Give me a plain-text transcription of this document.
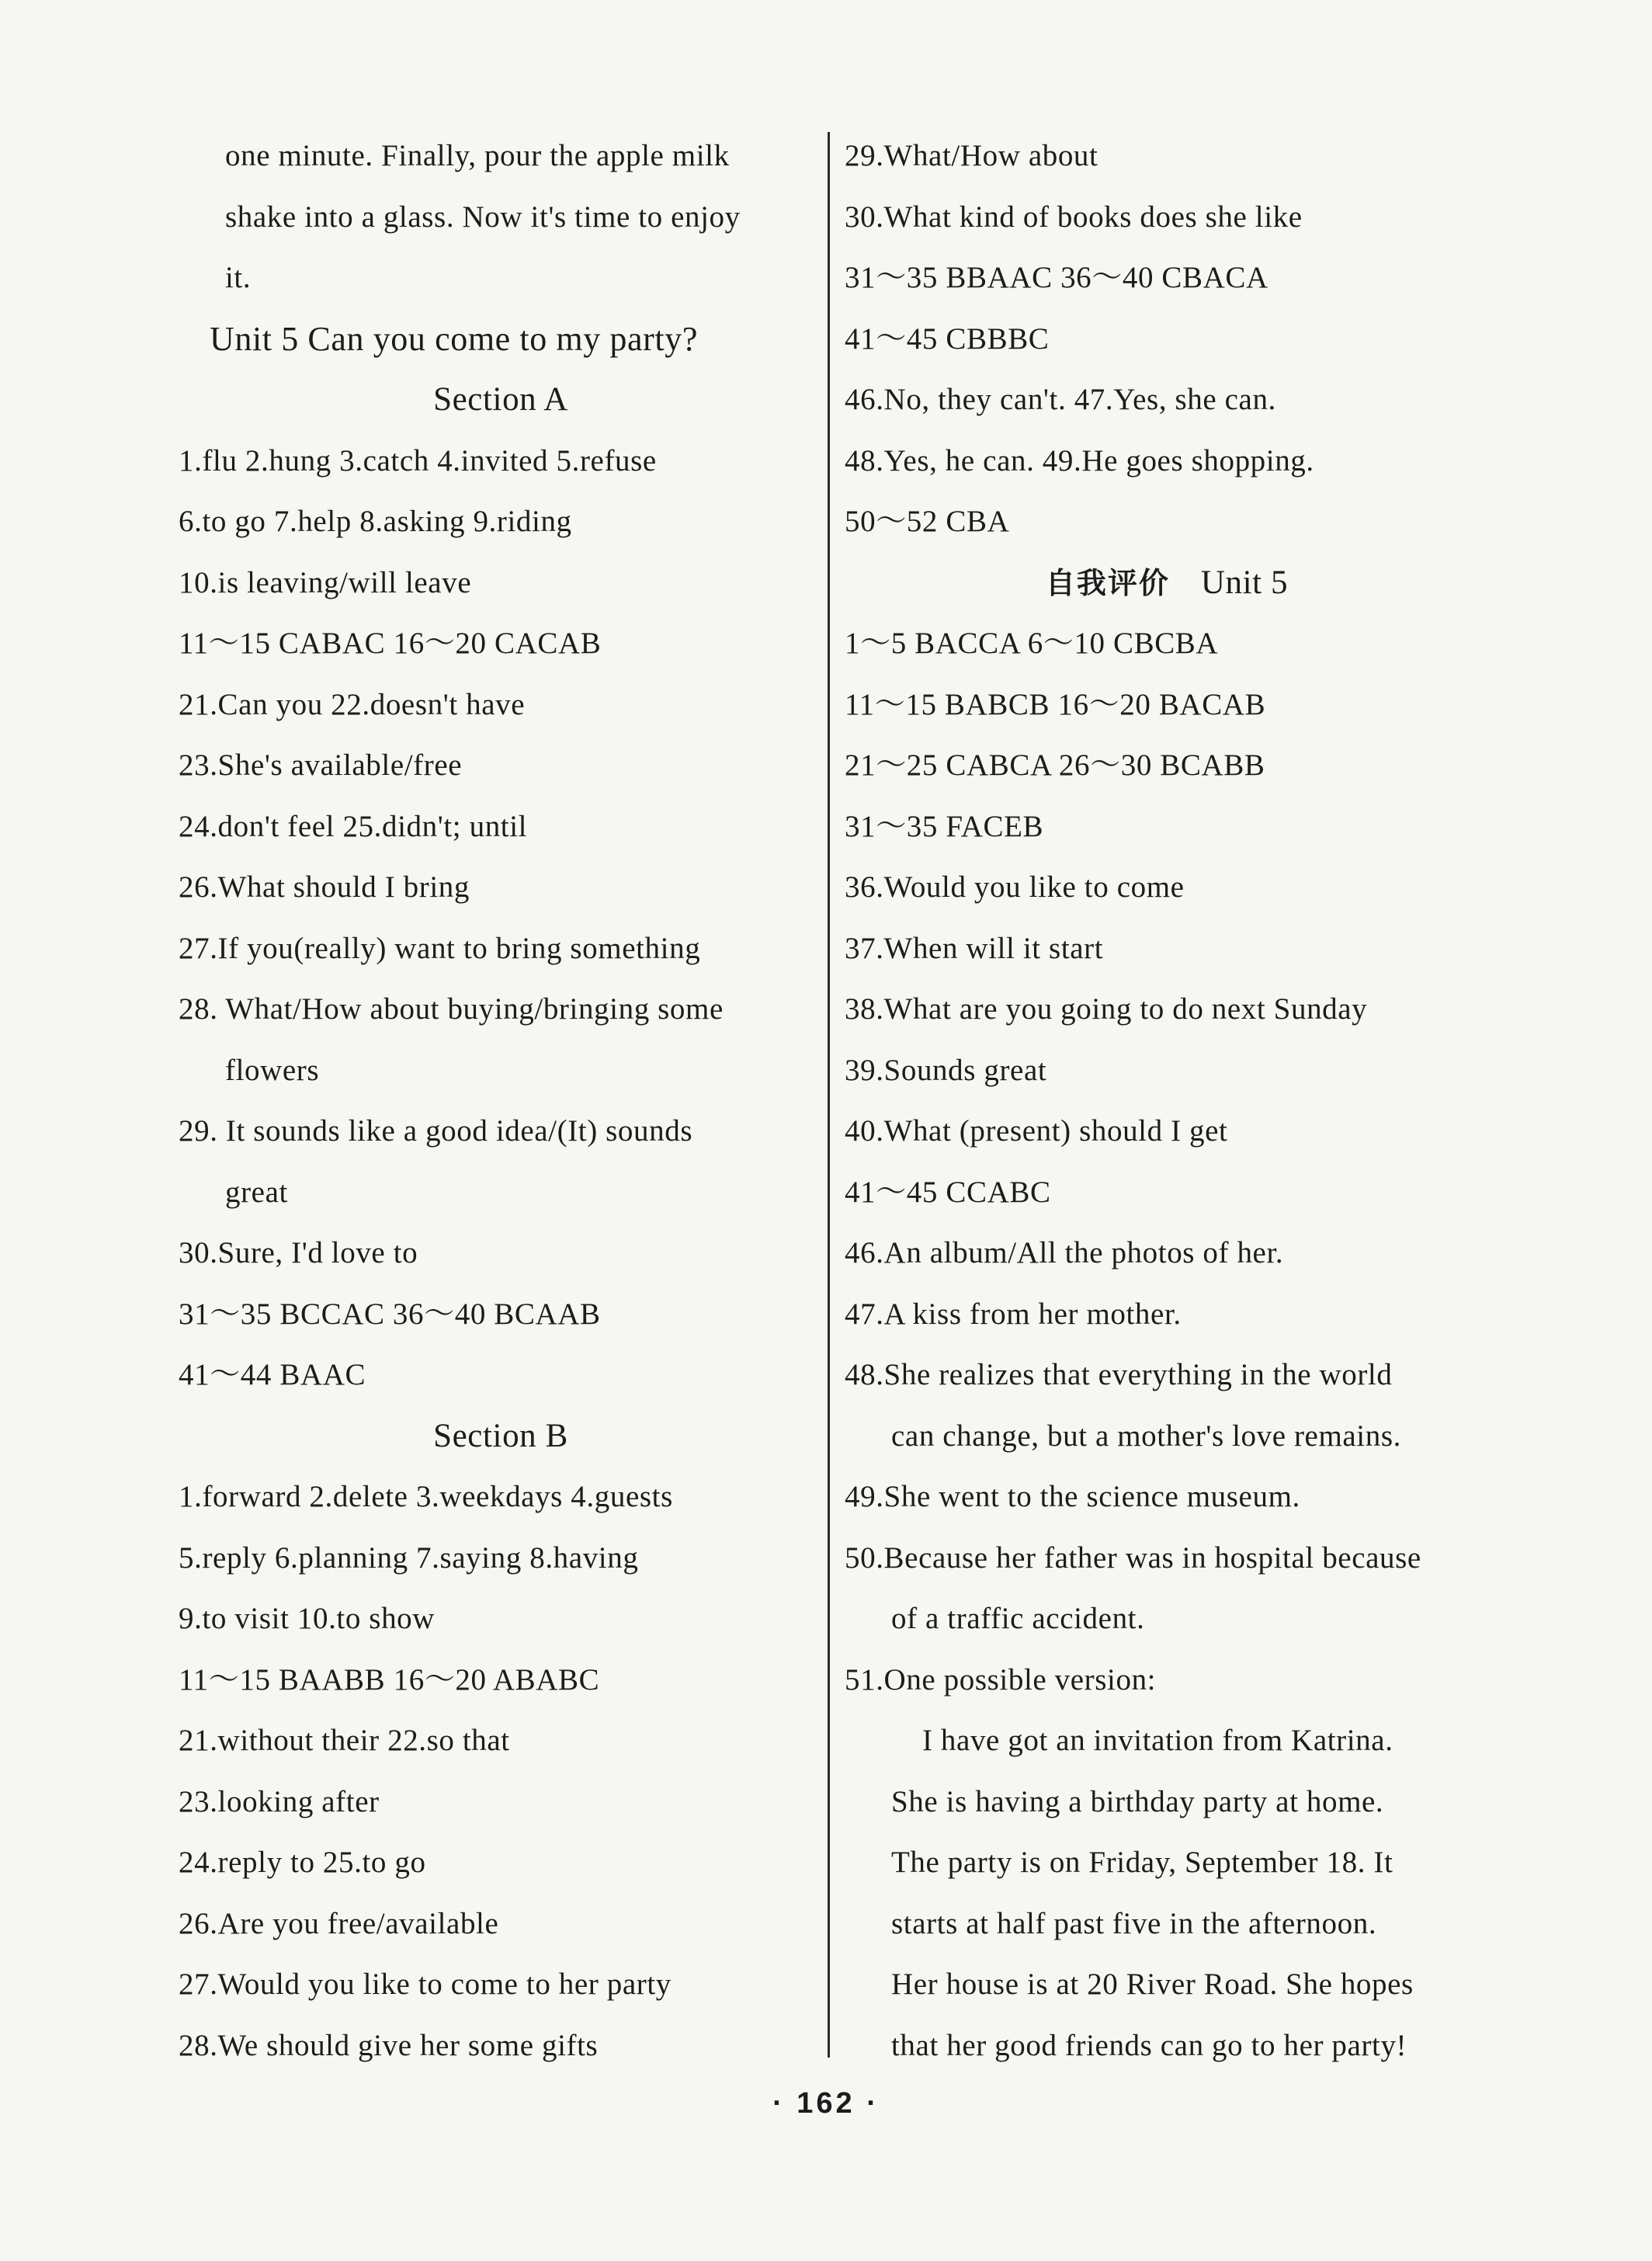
one minute. Finally, pour the apple milk
shake into a glass. Now it's time to enjoy
it.
Unit 5 Can you come to my party?
Section A
1.flu 2.hung 3.catch 4.invited 5.refuse
6.to go 7.help 8.asking 9.riding
10.is leaving/will leave
11～15 CABAC 16～20 CACAB
21.Can you 22.doesn't have
23.She's available/free
24.don't feel 25.didn't; until
26.What should I bring
27.If you(really) want to bring something
28. What/How about buying/bringing some
flowers
29. It sounds like a good idea/(It) sounds
great
30.Sure, I'd love to
31～35 BCCAC 36～40 BCAAB
41～44 BAAC
Section B
1.forward 2.delete 3.weekdays 4.guests
5.reply 6.planning 7.saying 8.having
9.to visit 10.to show
11～15 BAABB 16～20 ABABC
21.without their 22.so that
23.looking after
24.reply to 25.to go
26.Are you free/available
27.Would you like to come to her party
28.We should give her some gifts
29.What/How about
30.What kind of books does she like
31～35 BBAAC 36～40 CBACA
41～45 CBBBC
46.No, they can't. 47.Yes, she can.
48.Yes, he can. 49.He goes shopping.
50～52 CBA
自我评价 Unit 5
1～5 BACCA 6～10 CBCBA
11～15 BABCB 16～20 BACAB
21～25 CABCA 26～30 BCABB
31～35 FACEB
36.Would you like to come
37.When will it start
38.What are you going to do next Sunday
39.Sounds great
40.What (present) should I get
41～45 CCABC
46.An album/All the photos of her.
47.A kiss from her mother.
48.She realizes that everything in the world
can change, but a mother's love remains.
49.She went to the science museum.
50.Because her father was in hospital because
of a traffic accident.
51.One possible version:
I have got an invitation from Katrina.
She is having a birthday party at home.
The party is on Friday, September 18. It
starts at half past five in the afternoon.
Her house is at 20 River Road. She hopes
that her good friends can go to her party!
· 162 ·
